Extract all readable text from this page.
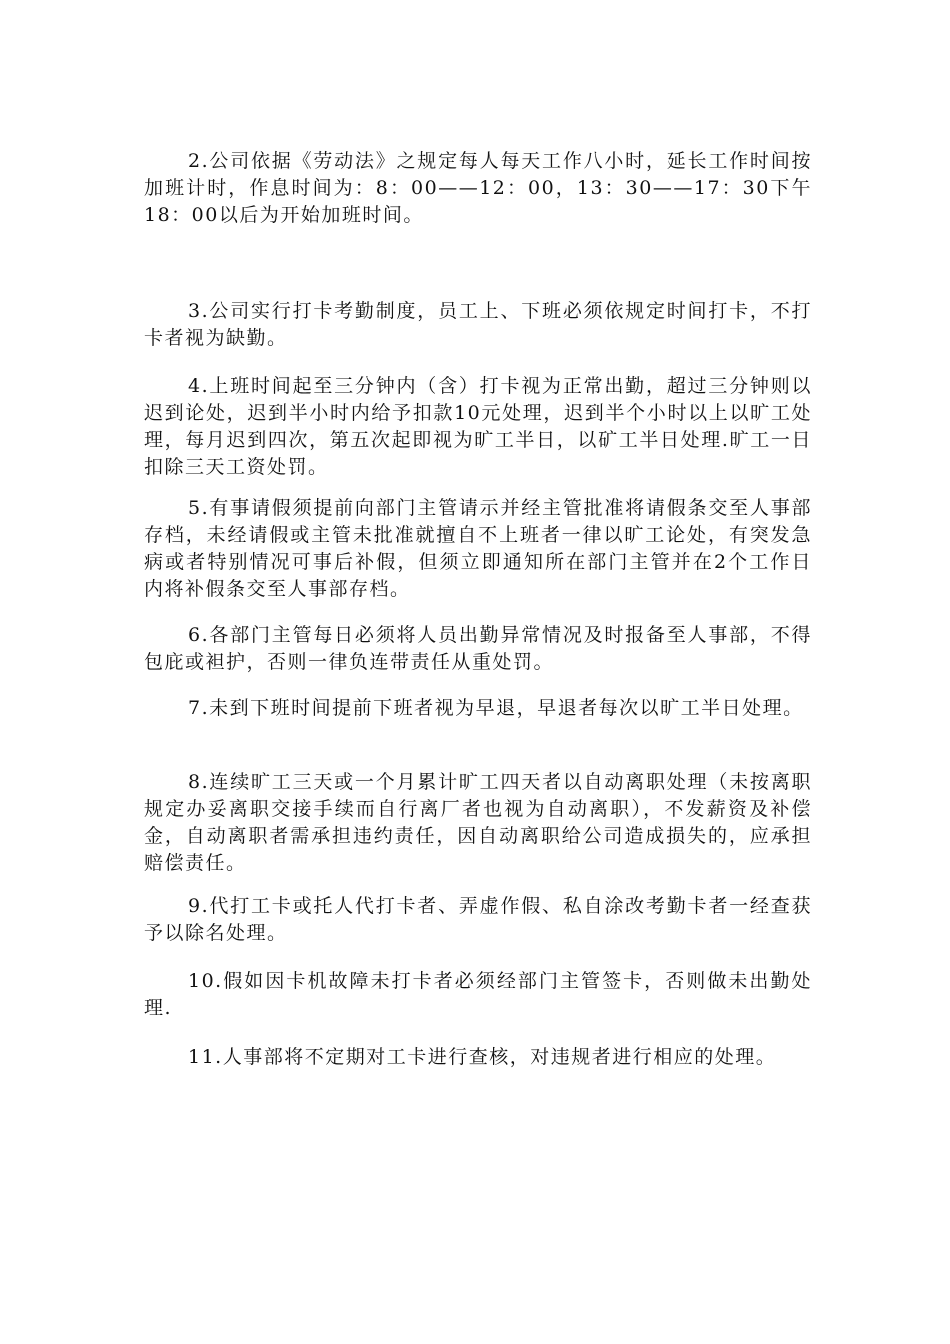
2.公司依据《劳动法》之规定每人每天工作八小时，延长工作时间按加班计时，作息时间为：8：00——12：00，13：30——17：30下午18：00以后为开始加班时间。

3.公司实行打卡考勤制度，员工上、下班必须依规定时间打卡，不打卡者视为缺勤。

4.上班时间起至三分钟内（含）打卡视为正常出勤，超过三分钟则以迟到论处，迟到半小时内给予扣款10元处理，迟到半个小时以上以旷工处理，每月迟到四次，第五次起即视为旷工半日，以矿工半日处理.旷工一日扣除三天工资处罚。

5.有事请假须提前向部门主管请示并经主管批准将请假条交至人事部存档，未经请假或主管未批准就擅自不上班者一律以旷工论处，有突发急病或者特别情况可事后补假，但须立即通知所在部门主管并在2个工作日内将补假条交至人事部存档。

6.各部门主管每日必须将人员出勤异常情况及时报备至人事部，不得包庇或袒护，否则一律负连带责任从重处罚。

7.未到下班时间提前下班者视为早退，早退者每次以旷工半日处理。

8.连续旷工三天或一个月累计旷工四天者以自动离职处理（未按离职规定办妥离职交接手续而自行离厂者也视为自动离职），不发薪资及补偿金，自动离职者需承担违约责任，因自动离职给公司造成损失的，应承担赔偿责任。

9.代打工卡或托人代打卡者、弄虚作假、私自涂改考勤卡者一经查获予以除名处理。

10.假如因卡机故障未打卡者必须经部门主管签卡，否则做未出勤处理.

11.人事部将不定期对工卡进行查核，对违规者进行相应的处理。
